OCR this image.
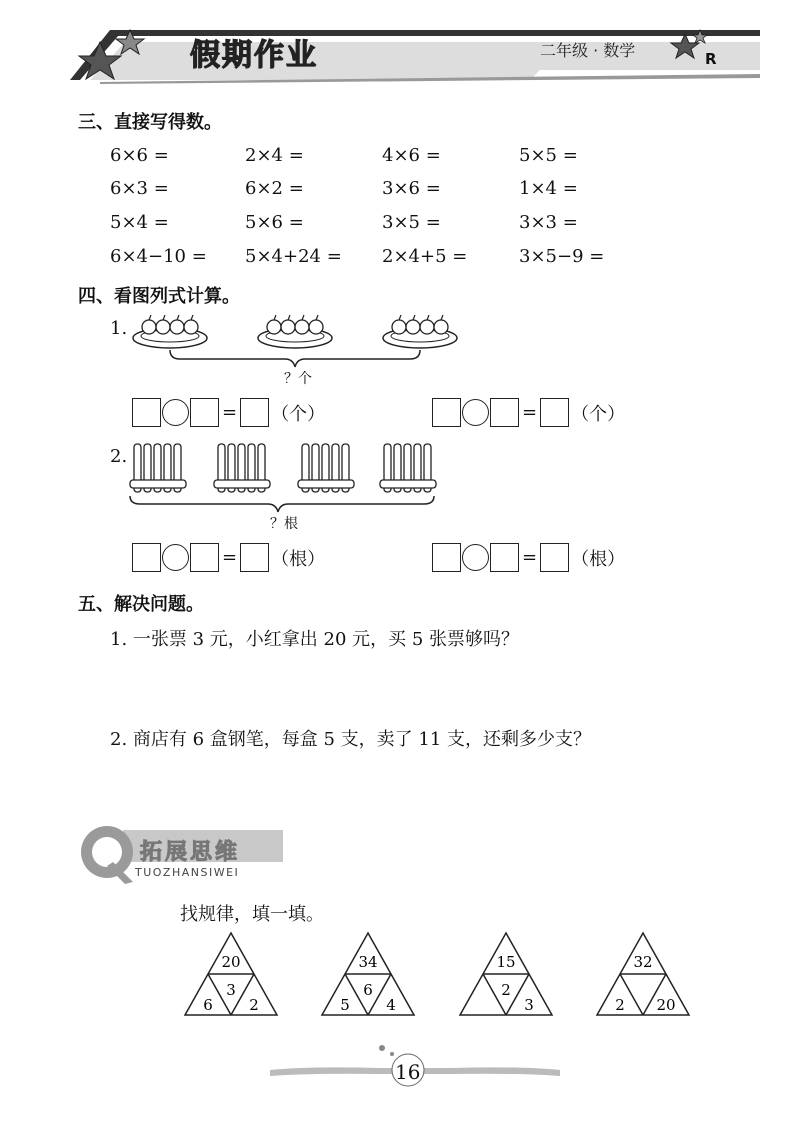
假期作业	二年级 · 数学	R
三、直接写得数。
6×6 =	2×4 =	4×6 =	5×5 =
6×3 =	6×2 =	3×6 =	1×4 =
5×4 =	5×6 =	3×5 =	3×3 =
6×4−10 = 5×4+24 = 2×4+5 =	3×5−9 =
四、看图列式计算。
1.
？个
= （个）	= （个）
2.
？根
= （根）	= （根）
五、解决问题。
1. 一张票 3 元，小红拿出 20 元，买 5 张票够吗？
2. 商店有 6 盒钢笔，每盒 5 支，卖了 11 支，还剩多少支？
拓展思维
TUOZHANSIWEI
找规律，填一填。
20
3
6 2
34
6
5 4
15
2
3
32
2 20
16
